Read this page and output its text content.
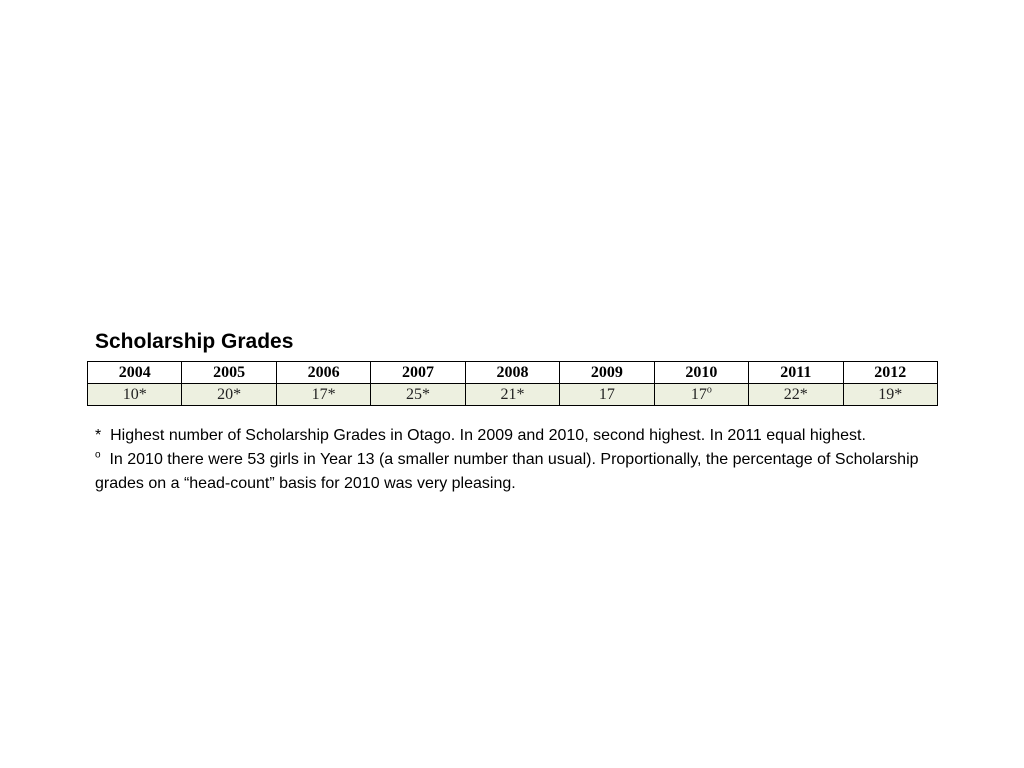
Scholarship Grades
2004	2005	2006	2007	2008	2009	2010	2011	2012
10*	20*	17*	25*	21*	17	17$^o$	22*	19*

* Highest number of Scholarship Grades in Otago. In 2009 and 2010, second highest. In 2011 equal highest.

$^o$ In 2010 there were 53 girls in Year 13 (a smaller number than usual). Proportionally, the percentage of Scholarship grades on a “head-count” basis for 2010 was very pleasing.
